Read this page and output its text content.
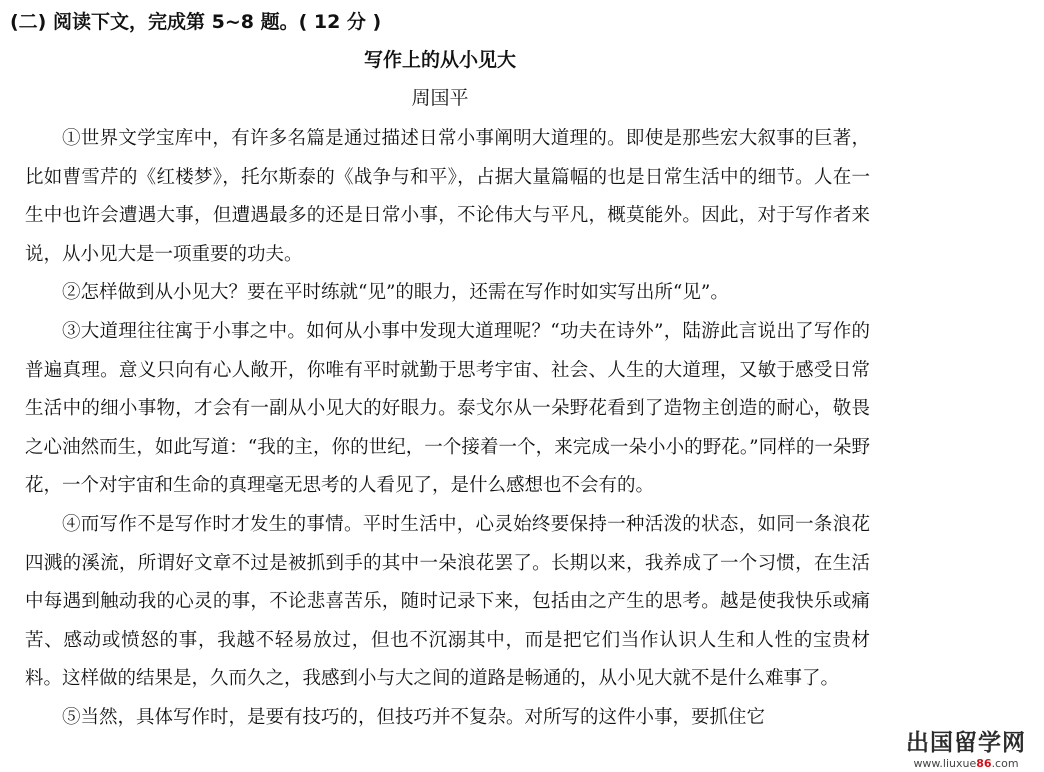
(二) 阅读下文，完成第 5~8 题。( 12 分 )
写作上的从小见大
周国平

①世界文学宝库中，有许多名篇是通过描述日常小事阐明大道理的。即使是那些宏大叙事的巨著，比如曹雪芹的《红楼梦》，托尔斯泰的《战争与和平》，占据大量篇幅的也是日常生活中的细节。人在一生中也许会遭遇大事，但遭遇最多的还是日常小事，不论伟大与平凡，概莫能外。因此，对于写作者来说，从小见大是一项重要的功夫。

②怎样做到从小见大？要在平时练就“见”的眼力，还需在写作时如实写出所“见”。

③大道理往往寓于小事之中。如何从小事中发现大道理呢？“功夫在诗外”，陆游此言说出了写作的普遍真理。意义只向有心人敞开，你唯有平时就勤于思考宇宙、社会、人生的大道理，又敏于感受日常生活中的细小事物，才会有一副从小见大的好眼力。泰戈尔从一朵野花看到了造物主创造的耐心，敬畏之心油然而生，如此写道：“我的主，你的世纪，一个接着一个，来完成一朵小小的野花。”同样的一朵野花，一个对宇宙和生命的真理毫无思考的人看见了，是什么感想也不会有的。

④而写作不是写作时才发生的事情。平时生活中，心灵始终要保持一种活泼的状态，如同一条浪花四溅的溪流，所谓好文章不过是被抓到手的其中一朵浪花罢了。长期以来，我养成了一个习惯，在生活中每遇到触动我的心灵的事，不论悲喜苦乐，随时记录下来，包括由之产生的思考。越是使我快乐或痛苦、感动或愤怒的事，我越不轻易放过，但也不沉溺其中，而是把它们当作认识人生和人性的宝贵材料。这样做的结果是，久而久之，我感到小与大之间的道路是畅通的，从小见大就不是什么难事了。

⑤当然，具体写作时，是要有技巧的，但技巧并不复杂。对所写的这件小事，要抓住它

出国留学网
www.liuxue86.com
